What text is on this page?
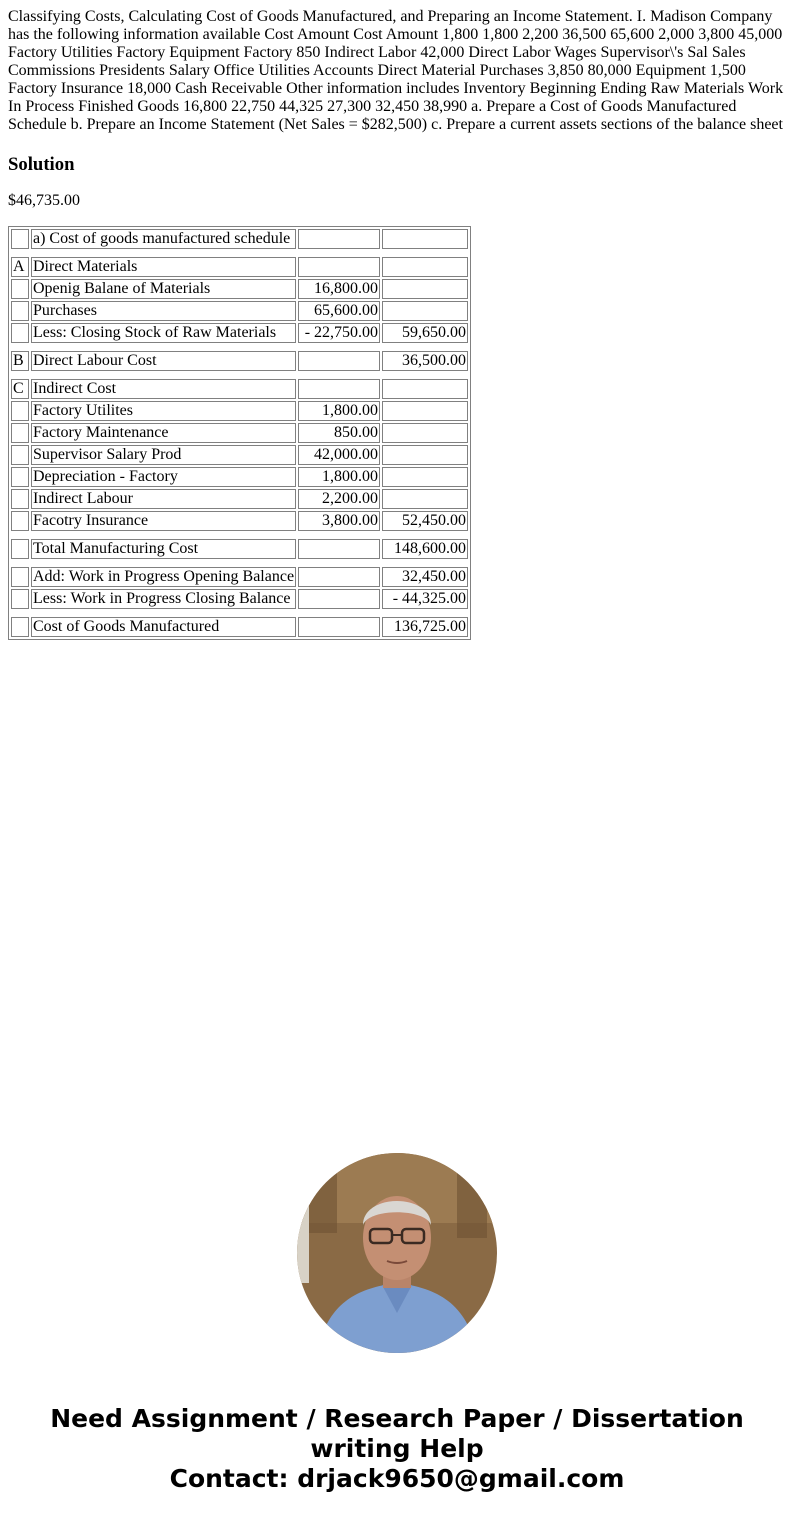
Classifying Costs, Calculating Cost of Goods Manufactured, and Preparing an Income Statement. I. Madison Company has the following information available Cost Amount Cost Amount 1,800 1,800 2,200 36,500 65,600 2,000 3,800 45,000 Factory Utilities Factory Equipment Factory 850 Indirect Labor 42,000 Direct Labor Wages Supervisor\'s Sal Sales Commissions Presidents Salary Office Utilities Accounts Direct Material Purchases 3,850 80,000 Equipment 1,500 Factory Insurance 18,000 Cash Receivable Other information includes Inventory Beginning Ending Raw Materials Work In Process Finished Goods 16,800 22,750 44,325 27,300 32,450 38,990 a. Prepare a Cost of Goods Manufactured Schedule b. Prepare an Income Statement (Net Sales = $282,500) c. Prepare a current assets sections of the balance sheet

Solution

$46,735.00

	a) Cost of goods manufactured schedule		

A	Direct Materials		
	Openig Balane of Materials	16,800.00	
	Purchases	65,600.00	
	Less: Closing Stock of Raw Materials	- 22,750.00	59,650.00

B	Direct Labour Cost		36,500.00

C	Indirect Cost		
	Factory Utilites	1,800.00	
	Factory Maintenance	850.00	
	Supervisor Salary Prod	42,000.00	
	Depreciation - Factory	1,800.00	
	Indirect Labour	2,200.00	
	Facotry Insurance	3,800.00	52,450.00

	Total Manufacturing Cost		148,600.00

	Add: Work in Progress Opening Balance		32,450.00
	Less: Work in Progress Closing Balance		- 44,325.00

	Cost of Goods Manufactured		136,725.00
Need Assignment / Research Paper / Dissertation
writing Help
Contact: drjack9650@gmail.com
